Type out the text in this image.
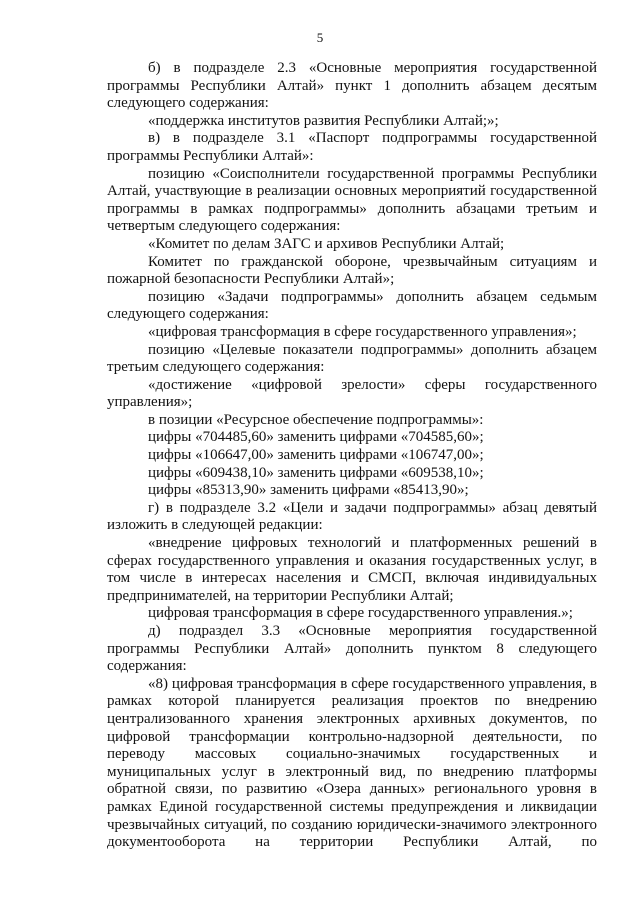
5

б) в подразделе 2.3 «Основные мероприятия государственной программы Республики Алтай» пункт 1 дополнить абзацем десятым следующего содержания:

«поддержка институтов развития Республики Алтай;»;

в) в подразделе 3.1 «Паспорт подпрограммы государственной программы Республики Алтай»:

позицию «Соисполнители государственной программы Республики Алтай, участвующие в реализации основных мероприятий государственной программы в рамках подпрограммы» дополнить абзацами третьим и четвертым следующего содержания:

«Комитет по делам ЗАГС и архивов Республики Алтай;

Комитет по гражданской обороне, чрезвычайным ситуациям и пожарной безопасности Республики Алтай»;

позицию «Задачи подпрограммы» дополнить абзацем седьмым следующего содержания:

«цифровая трансформация в сфере государственного управления»;

позицию «Целевые показатели подпрограммы» дополнить абзацем третьим следующего содержания:

«достижение «цифровой зрелости» сферы государственного управления»;

в позиции «Ресурсное обеспечение подпрограммы»:

цифры «704485,60» заменить цифрами «704585,60»;

цифры «106647,00» заменить цифрами «106747,00»;

цифры «609438,10» заменить цифрами «609538,10»;

цифры «85313,90» заменить цифрами «85413,90»;

г) в подразделе 3.2 «Цели и задачи подпрограммы» абзац девятый изложить в следующей редакции:

«внедрение цифровых технологий и платформенных решений в сферах государственного управления и оказания государственных услуг, в том числе в интересах населения и СМСП, включая индивидуальных предпринимателей, на территории Республики Алтай;

цифровая трансформация в сфере государственного управления.»;

д) подраздел 3.3 «Основные мероприятия государственной программы Республики Алтай» дополнить пунктом 8 следующего содержания:

«8) цифровая трансформация в сфере государственного управления, в рамках которой планируется реализация проектов по внедрению централизованного хранения электронных архивных документов, по цифровой трансформации контрольно-надзорной деятельности, по переводу массовых социально-значимых государственных и муниципальных услуг в электронный вид, по внедрению платформы обратной связи, по развитию «Озера данных» регионального уровня в рамках Единой государственной системы предупреждения и ликвидации чрезвычайных ситуаций, по созданию юридически-значимого электронного документооборота на территории Республики Алтай, по
